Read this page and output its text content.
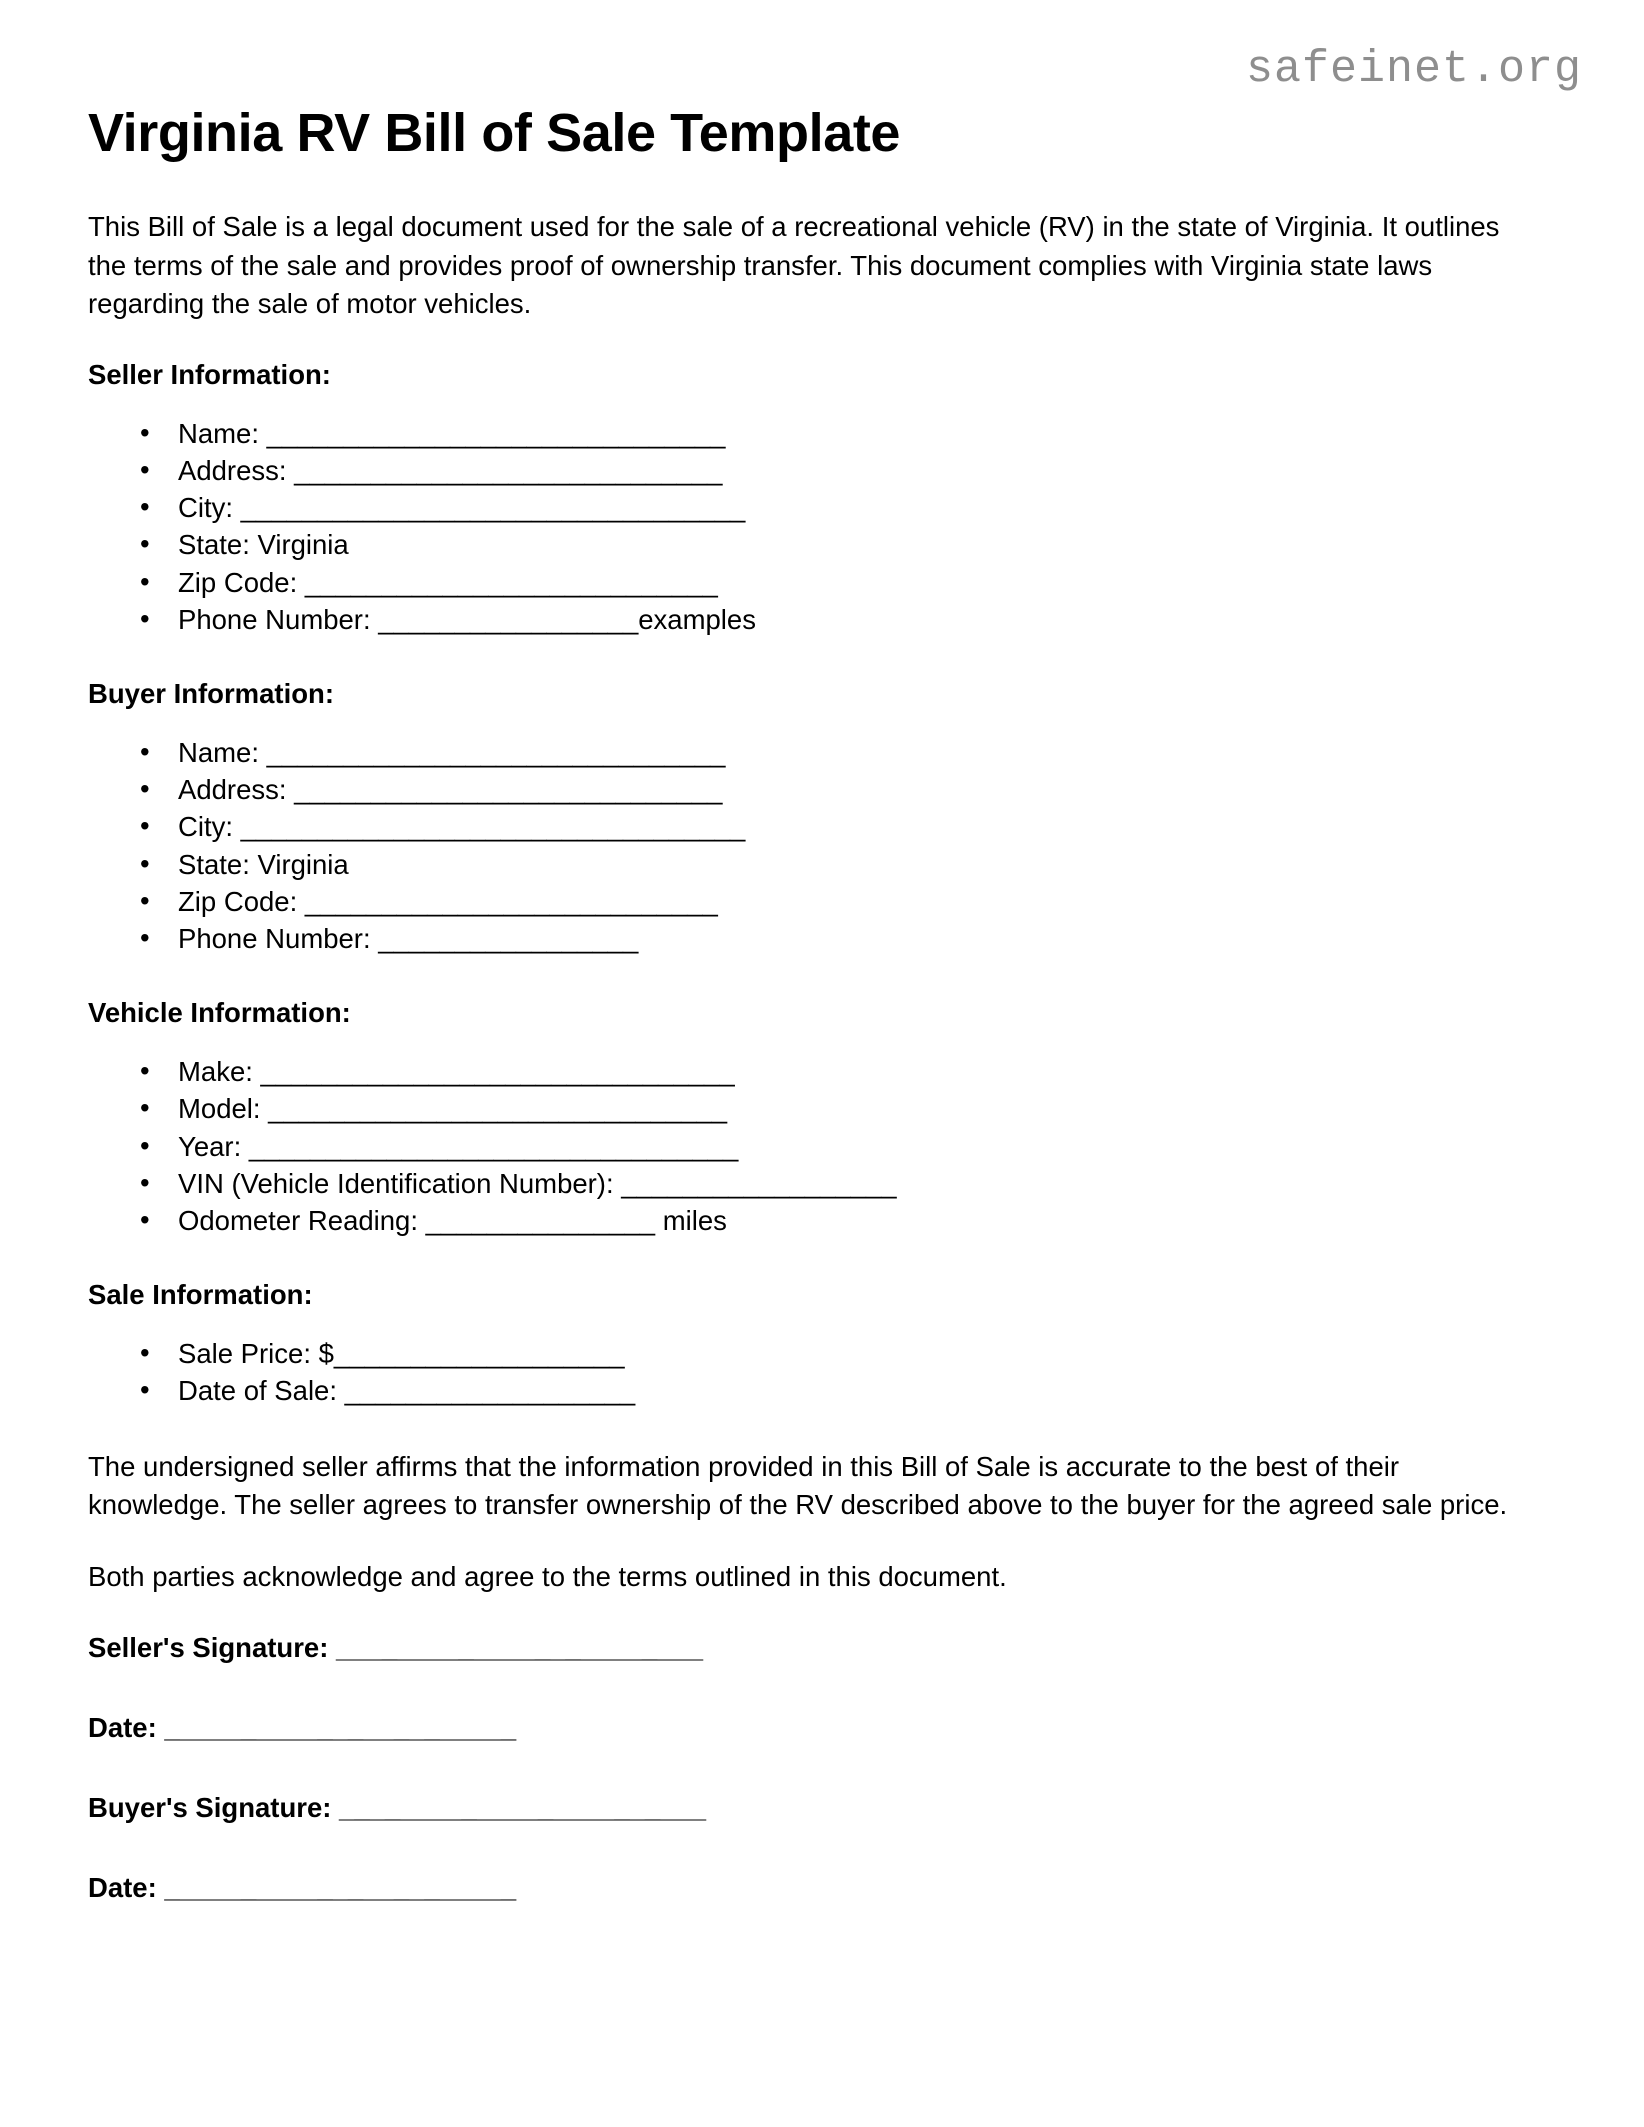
safeinet.org
Virginia RV Bill of Sale Template

This Bill of Sale is a legal document used for the sale of a recreational vehicle (RV) in the state of Virginia. It outlines the terms of the sale and provides proof of ownership transfer. This document complies with Virginia state laws regarding the sale of motor vehicles.

Seller Information:
• Name: ______________________________
• Address: ____________________________
• City: _________________________________
• State: Virginia
• Zip Code: ___________________________
• Phone Number: _________________examples
Buyer Information:
• Name: ______________________________
• Address: ____________________________
• City: _________________________________
• State: Virginia
• Zip Code: ___________________________
• Phone Number: _________________
Vehicle Information:
• Make: _______________________________
• Model: ______________________________
• Year: ________________________________
• VIN (Vehicle Identification Number): __________________
• Odometer Reading: _______________ miles
Sale Information:
• Sale Price: $___________________
• Date of Sale: ___________________

The undersigned seller affirms that the information provided in this Bill of Sale is accurate to the best of their knowledge. The seller agrees to transfer ownership of the RV described above to the buyer for the agreed sale price.

Both parties acknowledge and agree to the terms outlined in this document.

Seller's Signature: ________________________
Date: _______________________
Buyer's Signature: ________________________
Date: _______________________
